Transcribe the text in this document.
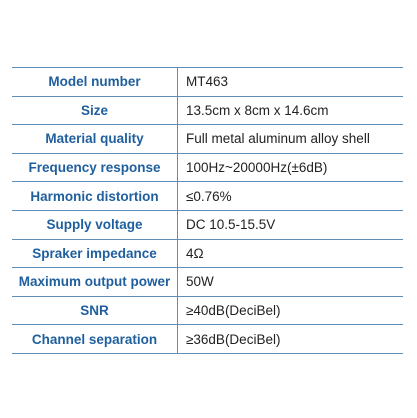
Model number	MT463
Size	13.5cm x 8cm x 14.6cm
Material quality	Full metal aluminum alloy shell
Frequency response	100Hz~20000Hz(±6dB)
Harmonic distortion	≤0.76%
Supply voltage	DC 10.5-15.5V
Spraker impedance	4Ω
Maximum output power	50W
SNR	≥40dB(DeciBel)
Channel separation	≥36dB(DeciBel)
